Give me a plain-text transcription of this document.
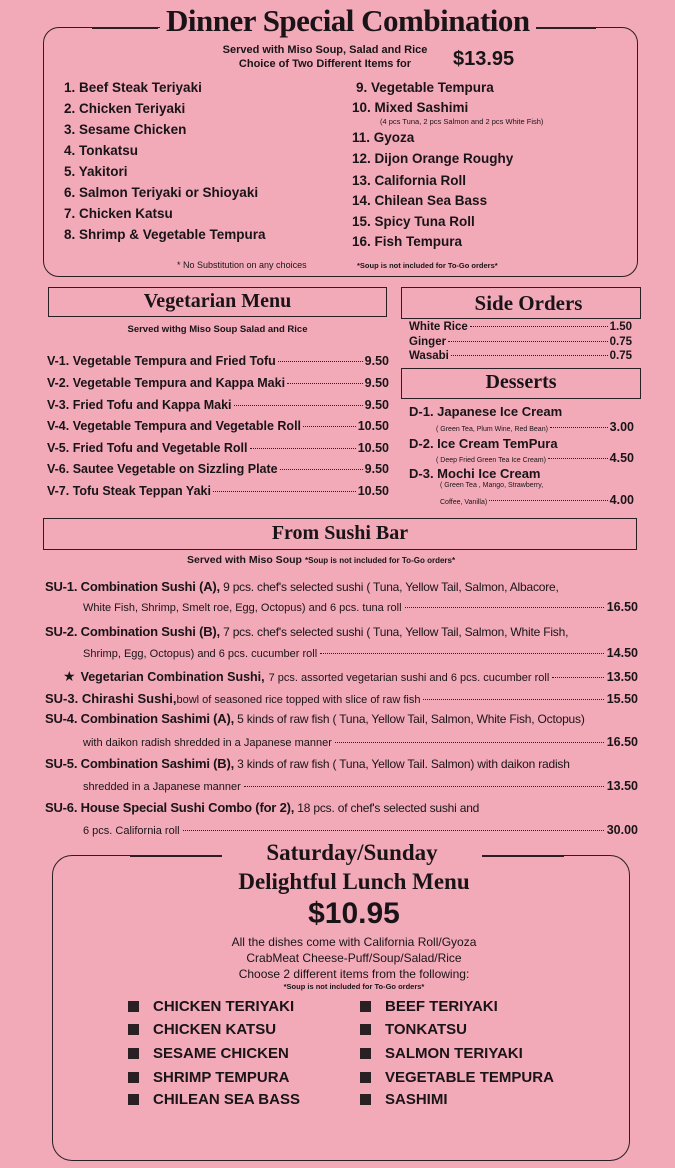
Dinner Special Combination
Served with Miso Soup, Salad and Rice
Choice of Two Different Items for	$13.95
1. Beef Steak Teriyaki
2. Chicken Teriyaki
3. Sesame Chicken
4. Tonkatsu
5. Yakitori
6. Salmon Teriyaki or Shioyaki
7. Chicken Katsu
8. Shrimp & Vegetable Tempura
9. Vegetable Tempura
10. Mixed Sashimi
(4 pcs Tuna, 2 pcs Salmon and 2 pcs White Fish)
11. Gyoza
12. Dijon Orange Roughy
13. California Roll
14. Chilean Sea Bass
15. Spicy Tuna Roll
16. Fish Tempura
* No Substitution on any choices	*Soup is not included for To-Go orders*
Vegetarian Menu
Served withg Miso Soup Salad and Rice
V-1. Vegetable Tempura and Fried Tofu	9.50
V-2. Vegetable Tempura and Kappa Maki	9.50
V-3. Fried Tofu and Kappa Maki	9.50
V-4. Vegetable Tempura and Vegetable Roll	10.50
V-5. Fried Tofu and Vegetable Roll	10.50
V-6. Sautee Vegetable on Sizzling Plate	9.50
V-7. Tofu Steak Teppan Yaki	10.50
Side Orders
White Rice	1.50
Ginger	0.75
Wasabi	0.75
Desserts
D-1. Japanese Ice Cream
( Green Tea, Plum Wine, Red Bean)	3.00
D-2. Ice Cream TemPura
( Deep Fried Green Tea Ice Cream)	4.50
D-3. Mochi Ice Cream
( Green Tea , Mango, Strawberry,
Coffee, Vanilla)	4.00
From Sushi Bar
Served with Miso Soup *Soup is not included for To-Go orders*
SU-1. Combination Sushi (A), 9 pcs. chef's selected sushi ( Tuna, Yellow Tail, Salmon, Albacore,
White Fish, Shrimp, Smelt roe, Egg, Octopus) and 6 pcs. tuna roll	16.50
SU-2. Combination Sushi (B), 7 pcs. chef's selected sushi ( Tuna, Yellow Tail, Salmon, White Fish,
Shrimp, Egg, Octopus) and 6 pcs. cucumber roll	14.50
★ Vegetarian Combination Sushi, 7 pcs. assorted vegetarian sushi and 6 pcs. cucumber roll	13.50
SU-3. Chirashi Sushi, bowl of seasoned rice topped with slice of raw fish	15.50
SU-4. Combination Sashimi (A), 5 kinds of raw fish ( Tuna, Yellow Tail, Salmon, White Fish, Octopus)
with daikon radish shredded in a Japanese manner	16.50
SU-5. Combination Sashimi (B), 3 kinds of raw fish ( Tuna, Yellow Tail. Salmon) with daikon radish
shredded in a Japanese manner	13.50
SU-6. House Special Sushi Combo (for 2), 18 pcs. of chef's selected sushi and
6 pcs. California roll	30.00
Saturday/Sunday
Delightful Lunch Menu
$10.95
All the dishes come with California Roll/Gyoza
CrabMeat Cheese-Puff/Soup/Salad/Rice
Choose 2 different items from the following:
*Soup is not included for To-Go orders*
CHICKEN TERIYAKI
CHICKEN KATSU
SESAME CHICKEN
SHRIMP TEMPURA
CHILEAN SEA BASS
BEEF TERIYAKI
TONKATSU
SALMON TERIYAKI
VEGETABLE TEMPURA
SASHIMI
